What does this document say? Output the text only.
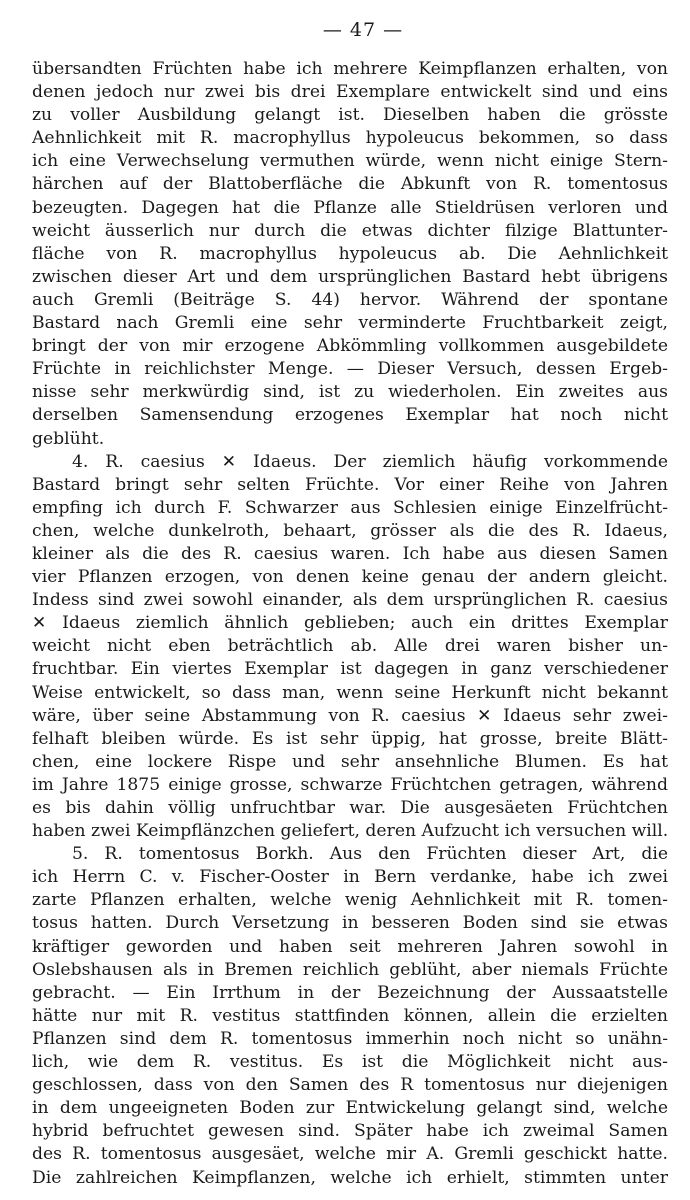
— 47 —
übersandten Früchten habe ich mehrere Keimpflanzen erhalten, von
denen jedoch nur zwei bis drei Exemplare entwickelt sind und eins
zu voller Ausbildung gelangt ist. Dieselben haben die grösste
Aehnlichkeit mit R. macrophyllus hypoleucus bekommen, so dass
ich eine Verwechselung vermuthen würde, wenn nicht einige Stern-
härchen auf der Blattoberfläche die Abkunft von R. tomentosus
bezeugten. Dagegen hat die Pflanze alle Stieldrüsen verloren und
weicht äusserlich nur durch die etwas dichter filzige Blattunter-
fläche von R. macrophyllus hypoleucus ab. Die Aehnlichkeit
zwischen dieser Art und dem ursprünglichen Bastard hebt übrigens
auch Gremli (Beiträge S. 44) hervor. Während der spontane
Bastard nach Gremli eine sehr verminderte Fruchtbarkeit zeigt,
bringt der von mir erzogene Abkömmling vollkommen ausgebildete
Früchte in reichlichster Menge. — Dieser Versuch, dessen Ergeb-
nisse sehr merkwürdig sind, ist zu wiederholen. Ein zweites aus
derselben Samensendung erzogenes Exemplar hat noch nicht
geblüht.
4. R. caesius ✕ Idaeus. Der ziemlich häufig vorkommende
Bastard bringt sehr selten Früchte. Vor einer Reihe von Jahren
empfing ich durch F. Schwarzer aus Schlesien einige Einzelfrücht-
chen, welche dunkelroth, behaart, grösser als die des R. Idaeus,
kleiner als die des R. caesius waren. Ich habe aus diesen Samen
vier Pflanzen erzogen, von denen keine genau der andern gleicht.
Indess sind zwei sowohl einander, als dem ursprünglichen R. caesius
✕ Idaeus ziemlich ähnlich geblieben; auch ein drittes Exemplar
weicht nicht eben beträchtlich ab. Alle drei waren bisher un-
fruchtbar. Ein viertes Exemplar ist dagegen in ganz verschiedener
Weise entwickelt, so dass man, wenn seine Herkunft nicht bekannt
wäre, über seine Abstammung von R. caesius ✕ Idaeus sehr zwei-
felhaft bleiben würde. Es ist sehr üppig, hat grosse, breite Blätt-
chen, eine lockere Rispe und sehr ansehnliche Blumen. Es hat
im Jahre 1875 einige grosse, schwarze Früchtchen getragen, während
es bis dahin völlig unfruchtbar war. Die ausgesäeten Früchtchen
haben zwei Keimpflänzchen geliefert, deren Aufzucht ich versuchen will.
5. R. tomentosus Borkh. Aus den Früchten dieser Art, die
ich Herrn C. v. Fischer-Ooster in Bern verdanke, habe ich zwei
zarte Pflanzen erhalten, welche wenig Aehnlichkeit mit R. tomen-
tosus hatten. Durch Versetzung in besseren Boden sind sie etwas
kräftiger geworden und haben seit mehreren Jahren sowohl in
Oslebshausen als in Bremen reichlich geblüht, aber niemals Früchte
gebracht. — Ein Irrthum in der Bezeichnung der Aussaatstelle
hätte nur mit R. vestitus stattfinden können, allein die erzielten
Pflanzen sind dem R. tomentosus immerhin noch nicht so unähn-
lich, wie dem R. vestitus. Es ist die Möglichkeit nicht aus-
geschlossen, dass von den Samen des R tomentosus nur diejenigen
in dem ungeeigneten Boden zur Entwickelung gelangt sind, welche
hybrid befruchtet gewesen sind. Später habe ich zweimal Samen
des R. tomentosus ausgesäet, welche mir A. Gremli geschickt hatte.
Die zahlreichen Keimpflanzen, welche ich erhielt, stimmten unter
